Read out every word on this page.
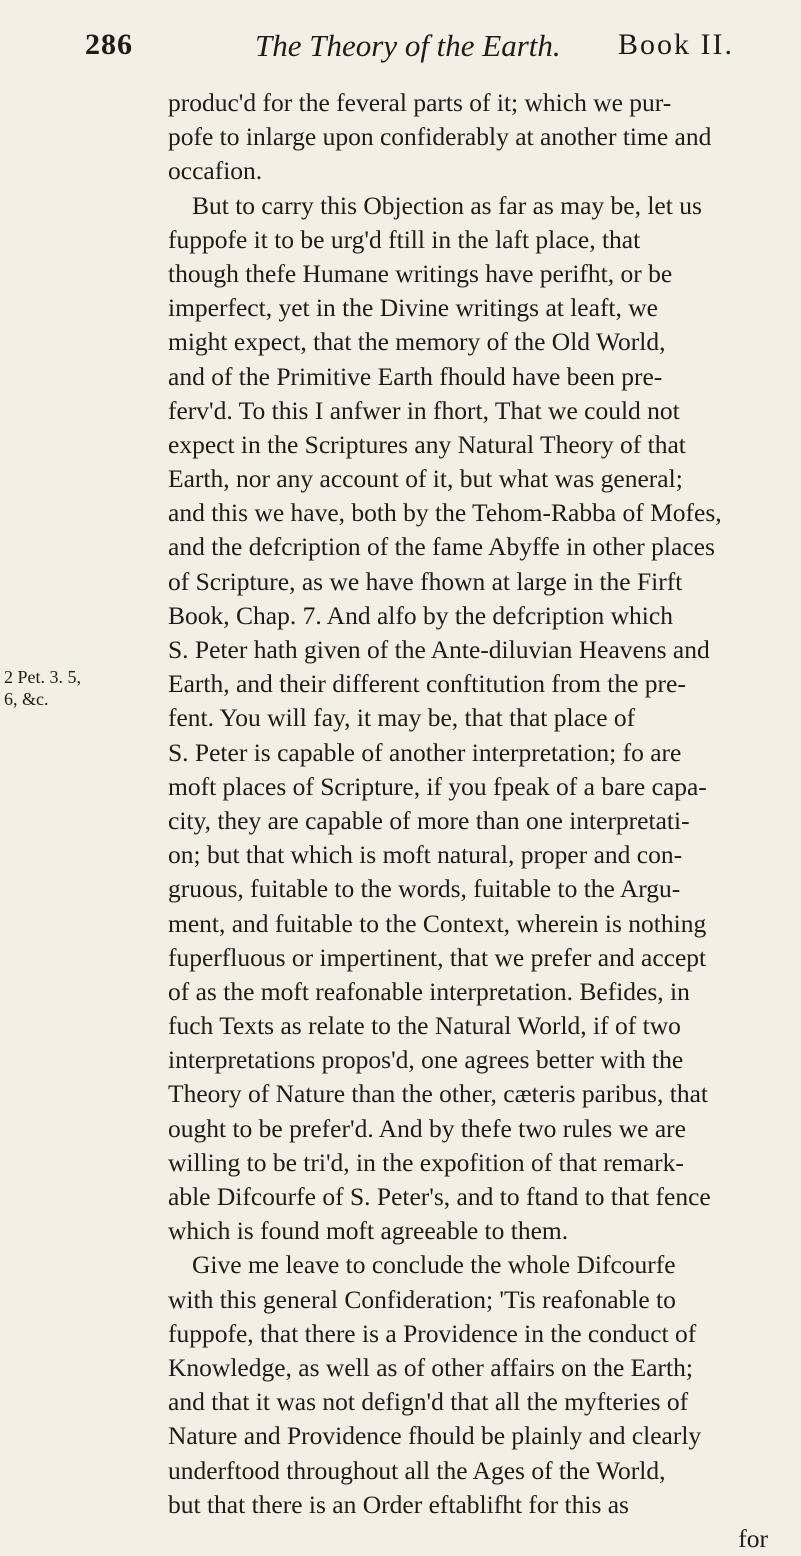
286	The Theory of the Earth. Book II.
2 Pet. 3. 5,
6, &c.
produc'd for the feveral parts of it; which we pur-
pofe to inlarge upon confiderably at another time and
occafion.
But to carry this Objection as far as may be, let us
fuppofe it to be urg'd ftill in the laft place, that
though thefe Humane writings have perifht, or be
imperfect, yet in the Divine writings at leaft, we
might expect, that the memory of the Old World,
and of the Primitive Earth fhould have been pre-
ferv'd. To this I anfwer in fhort, That we could not
expect in the Scriptures any Natural Theory of that
Earth, nor any account of it, but what was general;
and this we have, both by the Tehom-Rabba of Mofes,
and the defcription of the fame Abyffe in other places
of Scripture, as we have fhown at large in the Firft
Book, Chap. 7. And alfo by the defcription which
S. Peter hath given of the Ante-diluvian Heavens and
Earth, and their different conftitution from the pre-
fent. You will fay, it may be, that that place of
S. Peter is capable of another interpretation; fo are
moft places of Scripture, if you fpeak of a bare capa-
city, they are capable of more than one interpretati-
on; but that which is moft natural, proper and con-
gruous, fuitable to the words, fuitable to the Argu-
ment, and fuitable to the Context, wherein is nothing
fuperfluous or impertinent, that we prefer and accept
of as the moft reafonable interpretation. Befides, in
fuch Texts as relate to the Natural World, if of two
interpretations propos'd, one agrees better with the
Theory of Nature than the other, cæteris paribus, that
ought to be prefer'd. And by thefe two rules we are
willing to be tri'd, in the expofition of that remark-
able Difcourfe of S. Peter's, and to ftand to that fence
which is found moft agreeable to them.
Give me leave to conclude the whole Difcourfe
with this general Confideration; 'Tis reafonable to
fuppofe, that there is a Providence in the conduct of
Knowledge, as well as of other affairs on the Earth;
and that it was not defign'd that all the myfteries of
Nature and Providence fhould be plainly and clearly
underftood throughout all the Ages of the World,
but that there is an Order eftablifht for this as
for
